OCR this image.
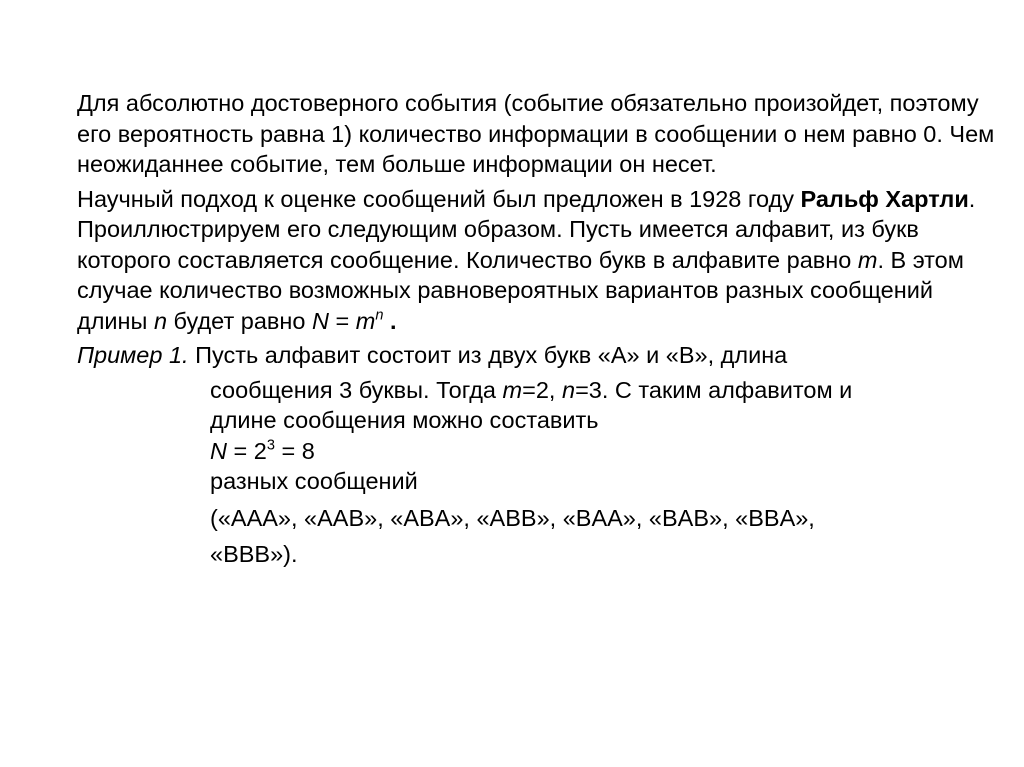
Для абсолютно достоверного события (событие обязательно произойдет, поэтому его вероятность равна 1) количество информации в сообщении о нем равно 0. Чем неожиданнее событие, тем больше информации он несет.

Научный подход к оценке сообщений был предложен в 1928 году Ральф Хартли. Проиллюстрируем его следующим образом. Пусть имеется алфавит, из букв которого составляется сообщение. Количество букв в алфавите равно m. В этом случае количество возможных равновероятных вариантов разных сообщений длины n будет равно $N = m^n$ .

Пример 1. Пусть алфавит состоит из двух букв «A» и «B», длина
сообщения 3 буквы. Тогда m=2, n=3. С таким алфавитом и
длине сообщения можно составить
$N = 2^3 = 8$
разных сообщений
(«AAA», «AAB», «ABA», «ABB», «BAA», «BAB», «BBA»,
«BBB»).
